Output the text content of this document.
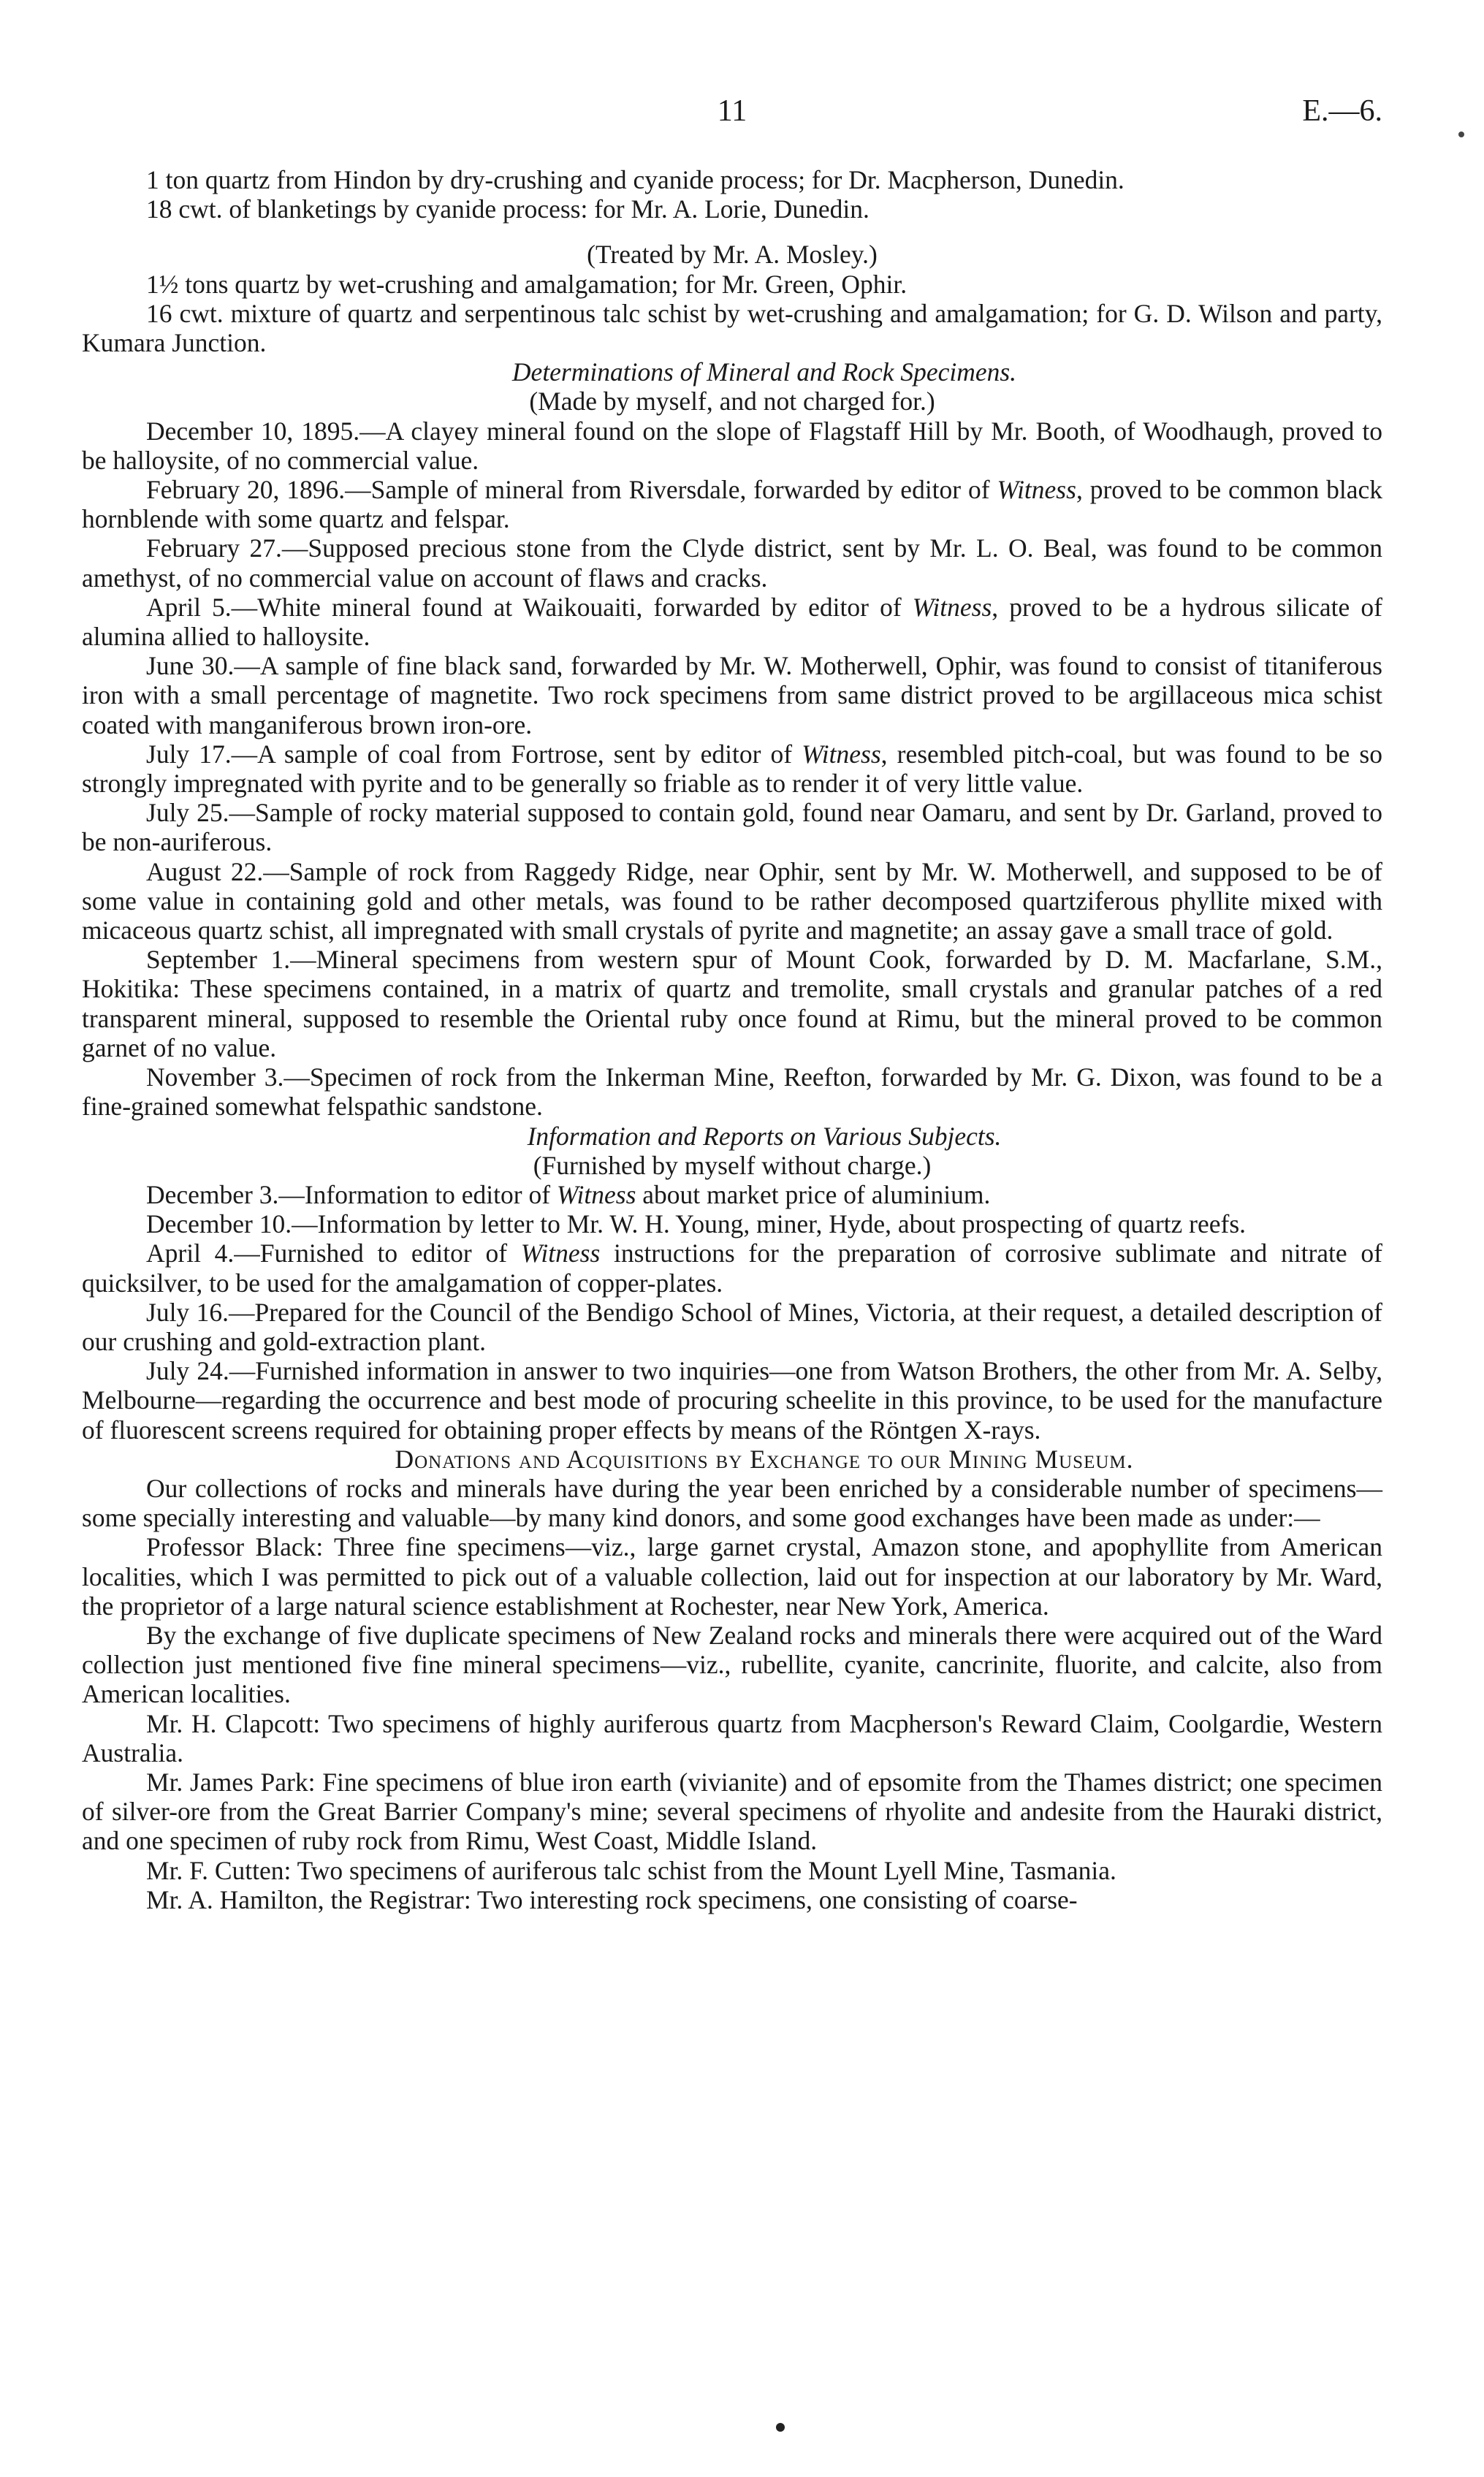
11	E.—6.

1 ton quartz from Hindon by dry-crushing and cyanide process; for Dr. Macpherson, Dunedin.

18 cwt. of blanketings by cyanide process: for Mr. A. Lorie, Dunedin.

(Treated by Mr. A. Mosley.)

1½ tons quartz by wet-crushing and amalgamation; for Mr. Green, Ophir.

16 cwt. mixture of quartz and serpentinous talc schist by wet-crushing and amalgamation; for G. D. Wilson and party, Kumara Junction.

Determinations of Mineral and Rock Specimens.

(Made by myself, and not charged for.)

December 10, 1895.—A clayey mineral found on the slope of Flagstaff Hill by Mr. Booth, of Woodhaugh, proved to be halloysite, of no commercial value.

February 20, 1896.—Sample of mineral from Riversdale, forwarded by editor of Witness, proved to be common black hornblende with some quartz and felspar.

February 27.—Supposed precious stone from the Clyde district, sent by Mr. L. O. Beal, was found to be common amethyst, of no commercial value on account of flaws and cracks.

April 5.—White mineral found at Waikouaiti, forwarded by editor of Witness, proved to be a hydrous silicate of alumina allied to halloysite.

June 30.—A sample of fine black sand, forwarded by Mr. W. Motherwell, Ophir, was found to consist of titaniferous iron with a small percentage of magnetite. Two rock specimens from same district proved to be argillaceous mica schist coated with manganiferous brown iron-ore.

July 17.—A sample of coal from Fortrose, sent by editor of Witness, resembled pitch-coal, but was found to be so strongly impregnated with pyrite and to be generally so friable as to render it of very little value.

July 25.—Sample of rocky material supposed to contain gold, found near Oamaru, and sent by Dr. Garland, proved to be non-auriferous.

August 22.—Sample of rock from Raggedy Ridge, near Ophir, sent by Mr. W. Motherwell, and supposed to be of some value in containing gold and other metals, was found to be rather decomposed quartziferous phyllite mixed with micaceous quartz schist, all impregnated with small crystals of pyrite and magnetite; an assay gave a small trace of gold.

September 1.—Mineral specimens from western spur of Mount Cook, forwarded by D. M. Macfarlane, S.M., Hokitika: These specimens contained, in a matrix of quartz and tremolite, small crystals and granular patches of a red transparent mineral, supposed to resemble the Oriental ruby once found at Rimu, but the mineral proved to be common garnet of no value.

November 3.—Specimen of rock from the Inkerman Mine, Reefton, forwarded by Mr. G. Dixon, was found to be a fine-grained somewhat felspathic sandstone.

Information and Reports on Various Subjects.

(Furnished by myself without charge.)

December 3.—Information to editor of Witness about market price of aluminium.

December 10.—Information by letter to Mr. W. H. Young, miner, Hyde, about prospecting of quartz reefs.

April 4.—Furnished to editor of Witness instructions for the preparation of corrosive sublimate and nitrate of quicksilver, to be used for the amalgamation of copper-plates.

July 16.—Prepared for the Council of the Bendigo School of Mines, Victoria, at their request, a detailed description of our crushing and gold-extraction plant.

July 24.—Furnished information in answer to two inquiries—one from Watson Brothers, the other from Mr. A. Selby, Melbourne—regarding the occurrence and best mode of procuring scheelite in this province, to be used for the manufacture of fluorescent screens required for obtaining proper effects by means of the Röntgen X-rays.

Donations and Acquisitions by Exchange to our Mining Museum.

Our collections of rocks and minerals have during the year been enriched by a considerable number of specimens—some specially interesting and valuable—by many kind donors, and some good exchanges have been made as under:—

Professor Black: Three fine specimens—viz., large garnet crystal, Amazon stone, and apophyllite from American localities, which I was permitted to pick out of a valuable collection, laid out for inspection at our laboratory by Mr. Ward, the proprietor of a large natural science establishment at Rochester, near New York, America.

By the exchange of five duplicate specimens of New Zealand rocks and minerals there were acquired out of the Ward collection just mentioned five fine mineral specimens—viz., rubellite, cyanite, cancrinite, fluorite, and calcite, also from American localities.

Mr. H. Clapcott: Two specimens of highly auriferous quartz from Macpherson's Reward Claim, Coolgardie, Western Australia.

Mr. James Park: Fine specimens of blue iron earth (vivianite) and of epsomite from the Thames district; one specimen of silver-ore from the Great Barrier Company's mine; several specimens of rhyolite and andesite from the Hauraki district, and one specimen of ruby rock from Rimu, West Coast, Middle Island.

Mr. F. Cutten: Two specimens of auriferous talc schist from the Mount Lyell Mine, Tasmania.

Mr. A. Hamilton, the Registrar: Two interesting rock specimens, one consisting of coarse-
